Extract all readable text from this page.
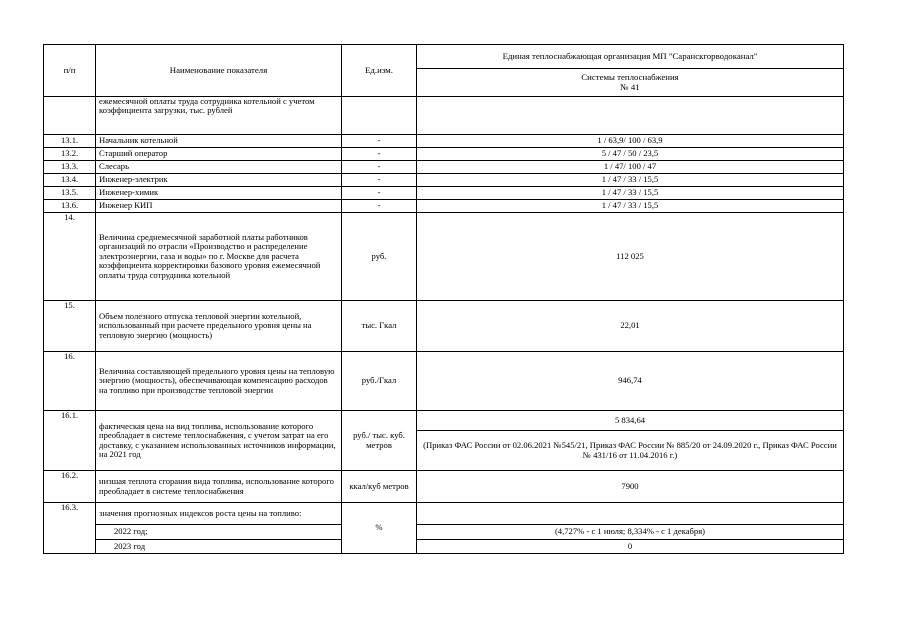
п/п	Наименование показателя	Ед.изм.	Единая теплоснабжающая организация МП "Саранскгорводоканал"
			Системы теплоснабжения
№ 41
	ежемесячной оплаты труда сотрудника котельной с учетом коэффициента загрузки, тыс. рублей		
13.1.	Начальник котельной	-	1 / 63,9/ 100 / 63,9
13.2.	Старший оператор	-	5 / 47 / 50 / 23,5
13.3.	Слесарь	-	1 / 47/ 100 / 47
13.4.	Инженер-электрик	-	1 / 47 / 33 / 15,5
13.5.	Инженер-химик	-	1 / 47 / 33 / 15,5
13.6.	Инженер КИП	-	1 / 47 / 33 / 15,5
14.	Величина среднемесячной заработной платы работников организаций по отрасли «Производство и распределение электроэнергии, газа и воды» по г. Москве для расчета коэффициента корректировки базового уровня ежемесячной оплаты труда сотрудника котельной	руб.	112 025
15.	Объем полезного отпуска тепловой энергии котельной, использованный при расчете предельного уровня цены на тепловую энергию (мощность)	тыс. Гкал	22,01
16.	Величина составляющей предельного уровня цены на тепловую энергию (мощность), обеспечивающая компенсацию расходов на топливо при производстве тепловой энергии	руб./Гкал	946,74
16.1.	фактическая цена на вид топлива, использование которого преобладает в системе теплоснабжения, с учетом затрат на его доставку, с указанием использованных источников информации, на 2021 год	руб./ тыс. куб. метров	5 834,64
			(Приказ ФАС России от 02.06.2021 №545/21, Приказ ФАС России № 885/20 от 24.09.2020 г., Приказ ФАС России № 431/16 от 11.04.2016 г.)
16.2.	низшая теплота сгорания вида топлива, использование которого преобладает в системе теплоснабжения	ккал/куб метров	7900
16.3.	значения прогнозных индексов роста цены на топливо:	%	
	2022 год;		(4,727% - с 1 июля; 8,334% - с 1 декабря)
	2023 год		0
